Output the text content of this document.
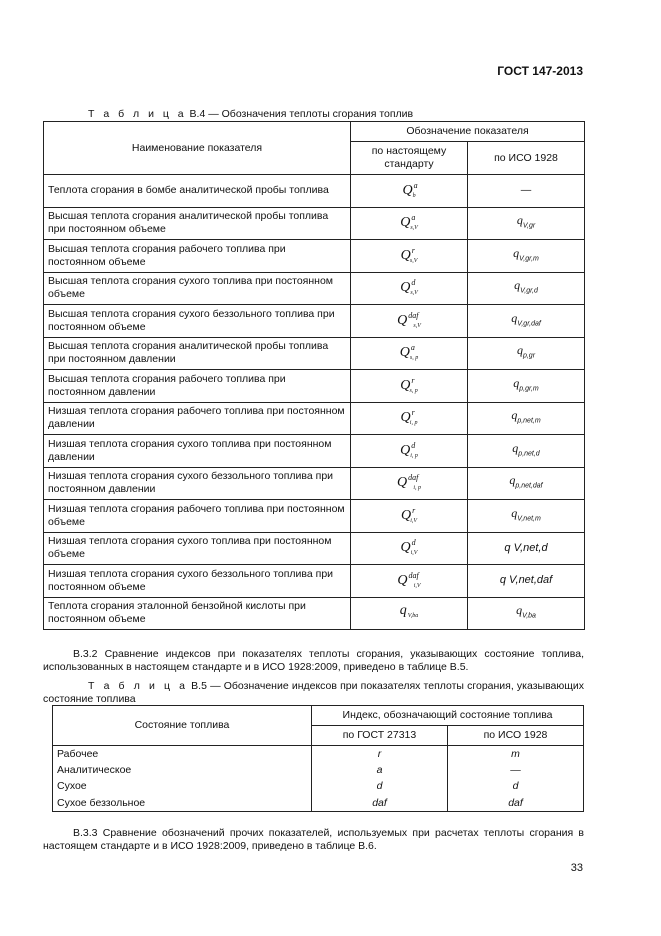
ГОСТ 147-2013
Т а б л и ц а В.4 — Обозначения теплоты сгорания топлив
Наименование показателя	Обозначение показателя	
	по настоящему стандарту	по ИСО 1928
Теплота сгорания в бомбе аналитической пробы топлива	$Q^a_b$	—
Высшая теплота сгорания аналитической пробы топлива при постоянном объеме	$Q^a_{s,V}$	$q_{V,gr}$
Высшая теплота сгорания рабочего топлива при постоянном объеме	$Q^r_{s,V}$	$q_{V,gr,m}$
Высшая теплота сгорания сухого топлива при постоянном объеме	$Q^d_{s,V}$	$q_{V,gr,d}$
Высшая теплота сгорания сухого беззольного топлива при постоянном объеме	$Q^{daf}_{s,V}$	$q_{V,gr,daf}$
Высшая теплота сгорания аналитической пробы топлива при постоянном давлении	$Q^a_{s, p}$	$q_{p,gr}$
Высшая теплота сгорания рабочего топлива при постоянном давлении	$Q^r_{s, p}$	$q_{p,gr,m}$
Низшая теплота сгорания рабочего топлива при постоянном давлении	$Q^r_{i, p}$	$q_{p,net,m}$
Низшая теплота сгорания сухого топлива при постоянном давлении	$Q^d_{i, p}$	$q_{p,net,d}$
Низшая теплота сгорания сухого беззольного топлива при постоянном давлении	$Q^{daf}_{i, p}$	$q_{p,net,daf}$
Низшая теплота сгорания рабочего топлива при постоянном объеме	$Q^r_{i,V}$	$q_{V,net,m}$
Низшая теплота сгорания сухого топлива при постоянном объеме	$Q^d_{i,V}$	q V,net,d
Низшая теплота сгорания сухого беззольного топлива при постоянном объеме	$Q^{daf}_{i,V}$	q V,net,daf
Теплота сгорания эталонной бензойной кислоты при постоянном объеме	$q_{V,ba}$	$q_{V,ba}$
В.3.2 Сравнение индексов при показателях теплоты сгорания, указывающих состояние топлива, использованных в настоящем стандарте и в ИСО 1928:2009, приведено в таблице В.5.
Т а б л и ц а В.5 — Обозначение индексов при показателях теплоты сгорания, указывающих состояние топлива
Состояние топлива	Индекс, обозначающий состояние топлива	
	по ГОСТ 27313	по ИСО 1928
Рабочее	r	m
Аналитическое	a	—
Сухое	d	d
Сухое беззольное	daf	daf
В.3.3 Сравнение обозначений прочих показателей, используемых при расчетах теплоты сгорания в настоящем стандарте и в ИСО 1928:2009, приведено в таблице В.6.
33
